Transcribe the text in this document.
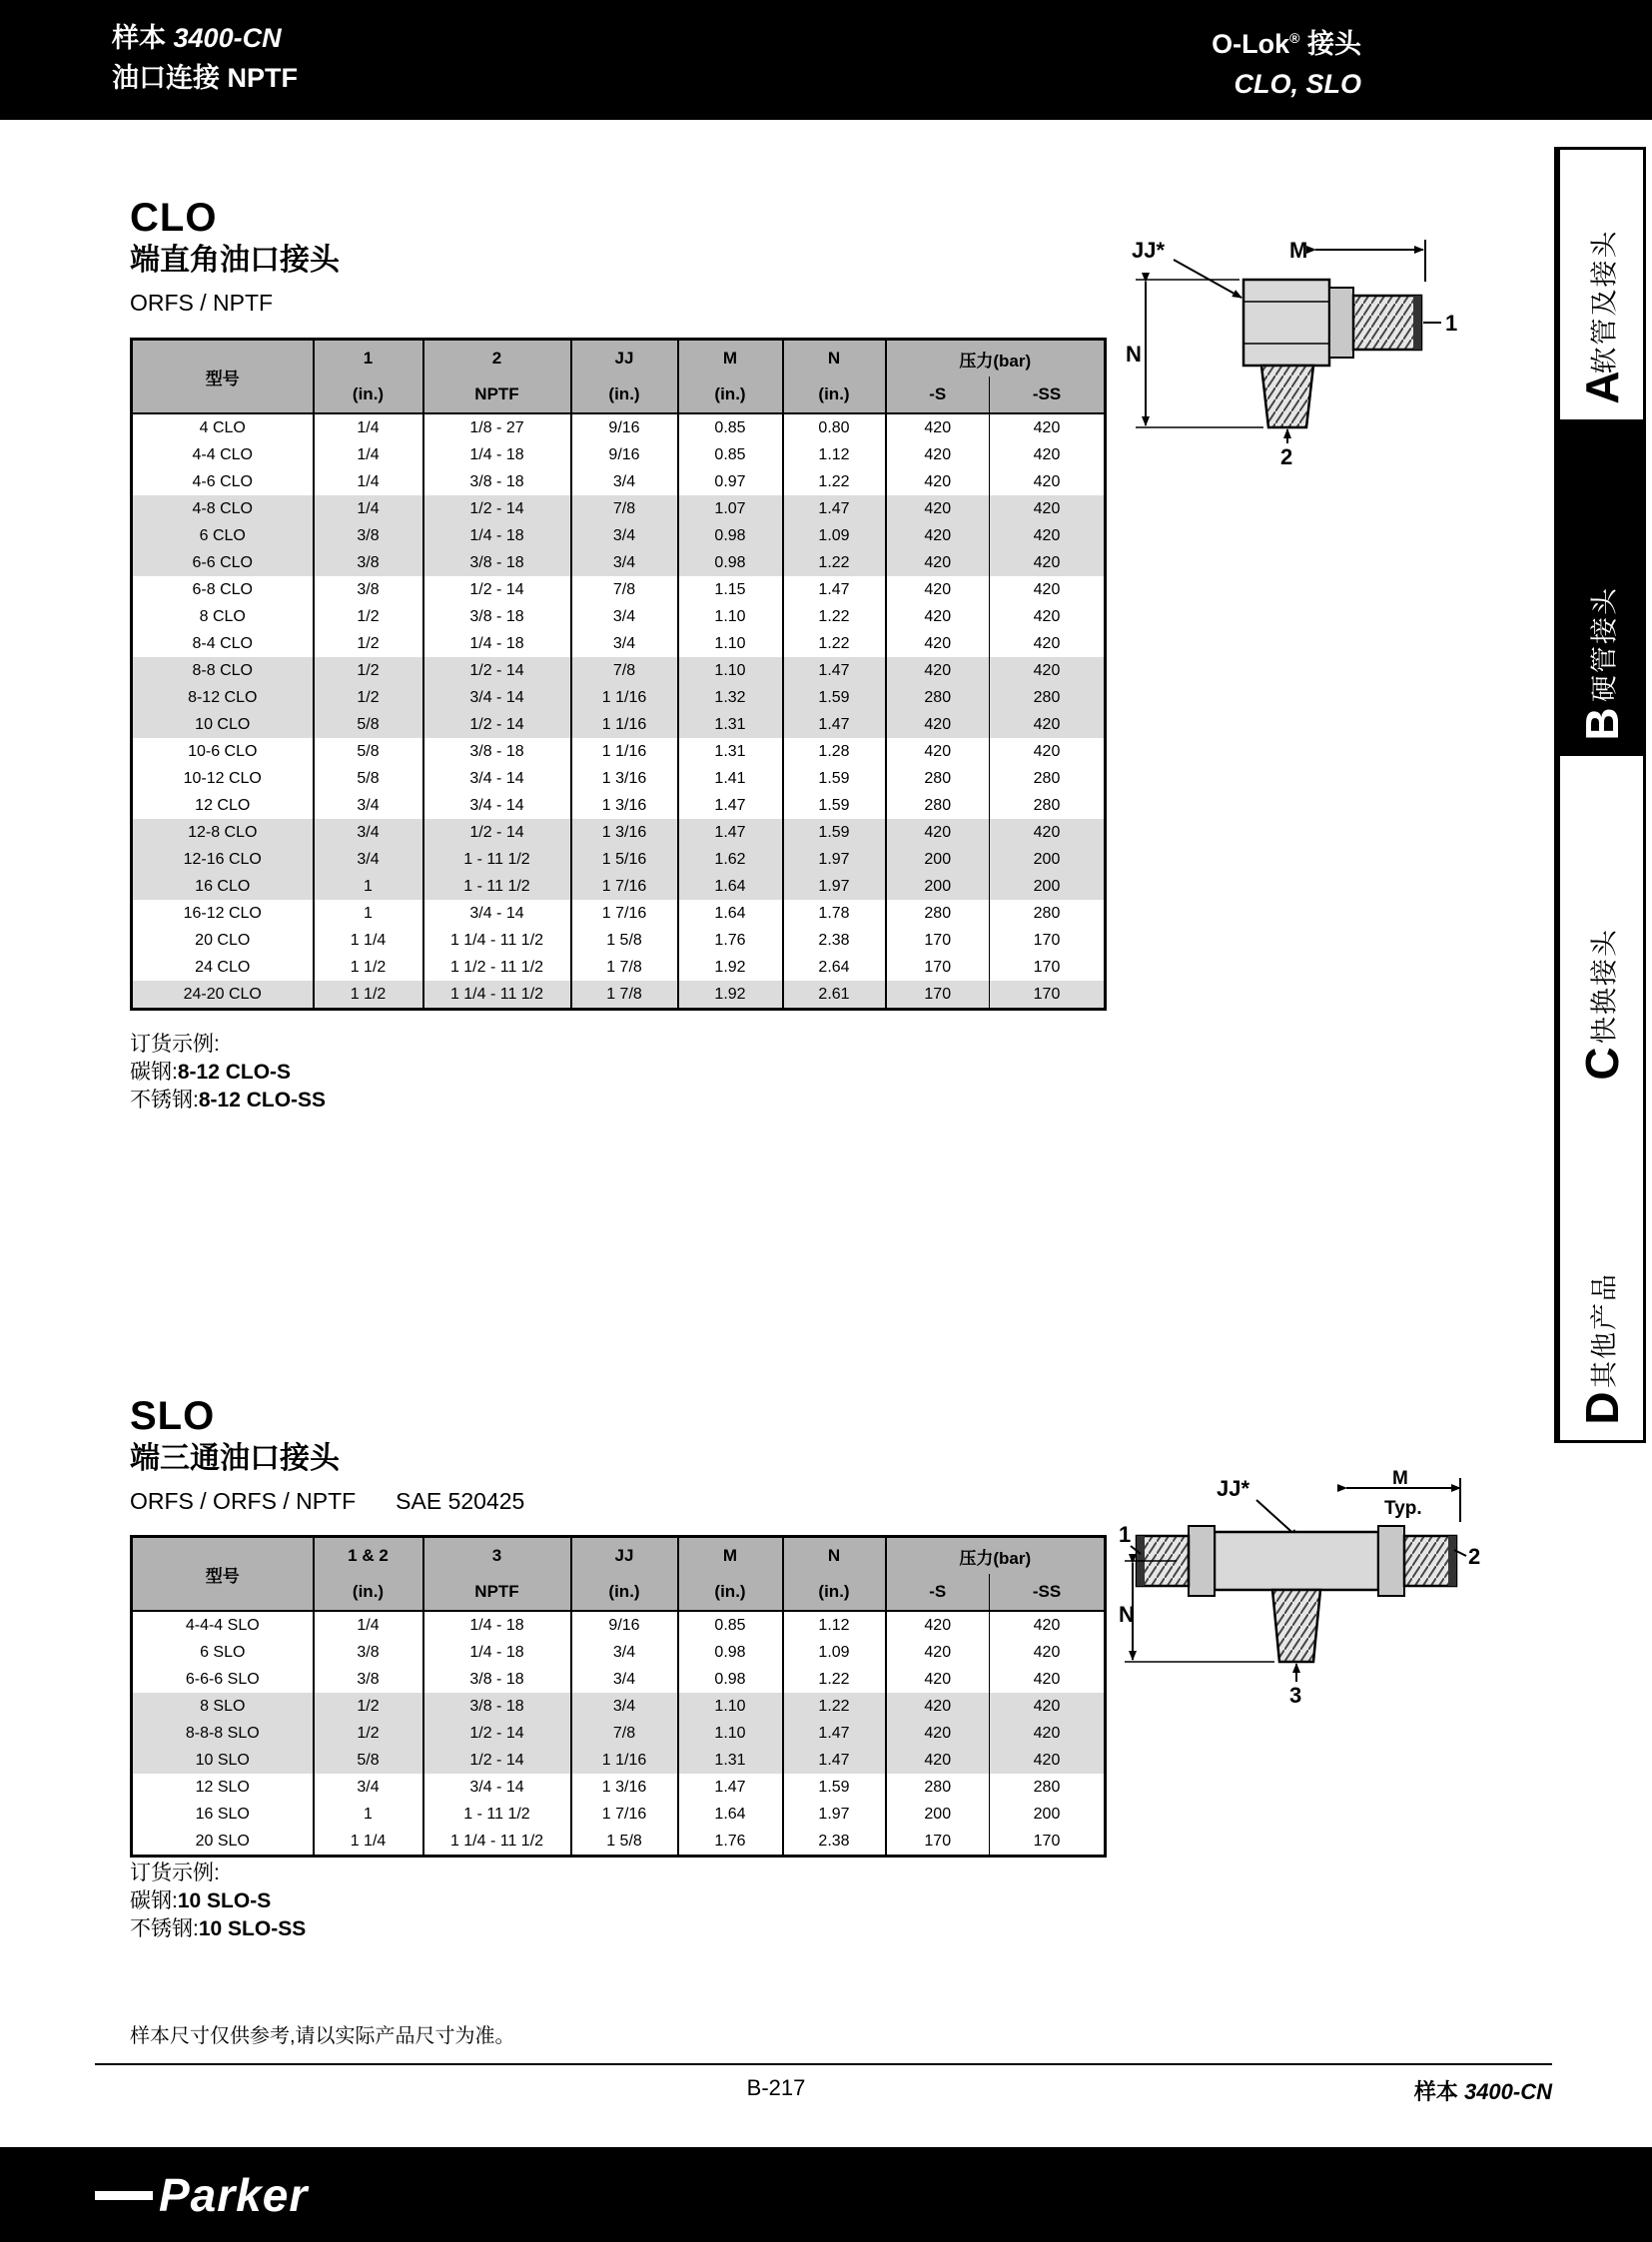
样本 3400-CN
油口连接 NPTF
O-Lok® 接头
CLO, SLO
软管及接头
A
硬管接头
B
快换接头
C
其他产品
D
CLO
端直角油口接头
ORFS / NPTF
型号	1	2	JJ	M	N	压力(bar)	
	(in.)	NPTF	(in.)	(in.)	(in.)	-S	-SS
4 CLO	1/4	1/8 - 27	9/16	0.85	0.80	420	420
4-4 CLO	1/4	1/4 - 18	9/16	0.85	1.12	420	420
4-6 CLO	1/4	3/8 - 18	3/4	0.97	1.22	420	420
4-8 CLO	1/4	1/2 - 14	7/8	1.07	1.47	420	420
6 CLO	3/8	1/4 - 18	3/4	0.98	1.09	420	420
6-6 CLO	3/8	3/8 - 18	3/4	0.98	1.22	420	420
6-8 CLO	3/8	1/2 - 14	7/8	1.15	1.47	420	420
8 CLO	1/2	3/8 - 18	3/4	1.10	1.22	420	420
8-4 CLO	1/2	1/4 - 18	3/4	1.10	1.22	420	420
8-8 CLO	1/2	1/2 - 14	7/8	1.10	1.47	420	420
8-12 CLO	1/2	3/4 - 14	1 1/16	1.32	1.59	280	280
10 CLO	5/8	1/2 - 14	1 1/16	1.31	1.47	420	420
10-6 CLO	5/8	3/8 - 18	1 1/16	1.31	1.28	420	420
10-12 CLO	5/8	3/4 - 14	1 3/16	1.41	1.59	280	280
12 CLO	3/4	3/4 - 14	1 3/16	1.47	1.59	280	280
12-8 CLO	3/4	1/2 - 14	1 3/16	1.47	1.59	420	420
12-16 CLO	3/4	1 - 11 1/2	1 5/16	1.62	1.97	200	200
16 CLO	1	1 - 11 1/2	1 7/16	1.64	1.97	200	200
16-12 CLO	1	3/4 - 14	1 7/16	1.64	1.78	280	280
20 CLO	1 1/4	1 1/4 - 11 1/2	1 5/8	1.76	2.38	170	170
24 CLO	1 1/2	1 1/2 - 11 1/2	1 7/8	1.92	2.64	170	170
24-20 CLO	1 1/2	1 1/4 - 11 1/2	1 7/8	1.92	2.61	170	170
JJ*	M
N
1
2
订货示例:
碳钢:8-12 CLO-S
不锈钢:8-12 CLO-SS
SLO
端三通油口接头
ORFS / ORFS / NPTF SAE 520425
型号	1 & 2	3	JJ	M	N	压力(bar)	
	(in.)	NPTF	(in.)	(in.)	(in.)	-S	-SS
4-4-4 SLO	1/4	1/4 - 18	9/16	0.85	1.12	420	420
6 SLO	3/8	1/4 - 18	3/4	0.98	1.09	420	420
6-6-6 SLO	3/8	3/8 - 18	3/4	0.98	1.22	420	420
8 SLO	1/2	3/8 - 18	3/4	1.10	1.22	420	420
8-8-8 SLO	1/2	1/2 - 14	7/8	1.10	1.47	420	420
10 SLO	5/8	1/2 - 14	1 1/16	1.31	1.47	420	420
12 SLO	3/4	3/4 - 14	1 3/16	1.47	1.59	280	280
16 SLO	1	1 - 11 1/2	1 7/16	1.64	1.97	200	200
20 SLO	1 1/4	1 1/4 - 11 1/2	1 5/8	1.76	2.38	170	170
JJ*	M
Typ.
N
1
2
3
订货示例:
碳钢:10 SLO-S
不锈钢:10 SLO-SS
样本尺寸仅供参考,请以实际产品尺寸为准。
B-217	样本 3400-CN
Parker
